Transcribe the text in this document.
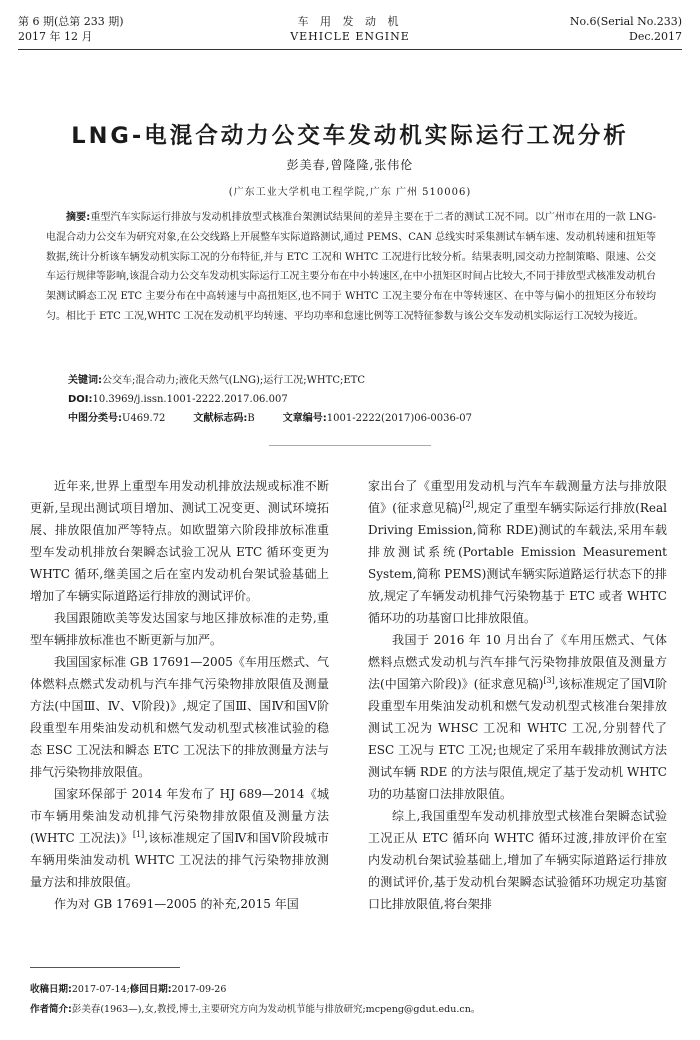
第 6 期(总第 233 期)
2017 年 12 月
车 用 发 动 机
VEHICLE ENGINE
No.6(Serial No.233)
Dec.2017
LNG-电混合动力公交车发动机实际运行工况分析
彭美春,曾隆隆,张伟伦
(广东工业大学机电工程学院,广东 广州 510006)

摘要:重型汽车实际运行排放与发动机排放型式核准台架测试结果间的差异主要在于二者的测试工况不同。以广州市在用的一款 LNG-电混合动力公交车为研究对象,在公交线路上开展整车实际道路测试,通过 PEMS、CAN 总线实时采集测试车辆车速、发动机转速和扭矩等数据,统计分析该车辆发动机实际工况的分布特征,并与 ETC 工况和 WHTC 工况进行比较分析。结果表明,园交动力控制策略、限速、公交车运行规律等影响,该混合动力公交车发动机实际运行工况主要分布在中小转速区,在中小扭矩区时间占比较大,不同于排放型式核准发动机台架测试瞬态工况 ETC 主要分布在中高转速与中高扭矩区,也不同于 WHTC 工况主要分布在中等转速区、在中等与偏小的扭矩区分布较均匀。相比于 ETC 工况,WHTC 工况在发动机平均转速、平均功率和怠速比例等工况特征参数与该公交车发动机实际运行工况较为接近。

关键词:公交车;混合动力;液化天然气(LNG);运行工况;WHTC;ETC
DOI:10.3969/j.issn.1001-2222.2017.06.007
中图分类号:U469.72	文献标志码:B	文章编号:1001-2222(2017)06-0036-07

近年来,世界上重型车用发动机排放法规或标准不断更新,呈现出测试项目增加、测试工况变更、测试环境拓展、排放限值加严等特点。如欧盟第六阶段排放标准重型车发动机排放台架瞬态试验工况从 ETC 循环变更为 WHTC 循环,继美国之后在室内发动机台架试验基础上增加了车辆实际道路运行排放的测试评价。

我国跟随欧美等发达国家与地区排放标准的走势,重型车辆排放标准也不断更新与加严。

我国国家标准 GB 17691—2005《车用压燃式、气体燃料点燃式发动机与汽车排气污染物排放限值及测量方法(中国Ⅲ、Ⅳ、Ⅴ阶段)》,规定了国Ⅲ、国Ⅳ和国Ⅴ阶段重型车用柴油发动机和燃气发动机型式核准试验的稳态 ESC 工况法和瞬态 ETC 工况法下的排放测量方法与排气污染物排放限值。

国家环保部于 2014 年发布了 HJ 689—2014《城市车辆用柴油发动机排气污染物排放限值及测量方法(WHTC 工况法)》[1],该标准规定了国Ⅳ和国Ⅴ阶段城市车辆用柴油发动机 WHTC 工况法的排气污染物排放测量方法和排放限值。

作为对 GB 17691—2005 的补充,2015 年国

家出台了《重型用发动机与汽车车载测量方法与排放限值》(征求意见稿)[2],规定了重型车辆实际运行排放(Real Driving Emission,简称 RDE)测试的车载法,采用车载排放测试系统(Portable Emission Measurement System,简称 PEMS)测试车辆实际道路运行状态下的排放,规定了车辆发动机排气污染物基于 ETC 或者 WHTC 循环功的功基窗口比排放限值。

我国于 2016 年 10 月出台了《车用压燃式、气体燃料点燃式发动机与汽车排气污染物排放限值及测量方法(中国第六阶段)》(征求意见稿)[3],该标准规定了国Ⅵ阶段重型车用柴油发动机和燃气发动机型式核准台架排放测试工况为 WHSC 工况和 WHTC 工况,分别替代了 ESC 工况与 ETC 工况;也规定了采用车载排放测试方法测试车辆 RDE 的方法与限值,规定了基于发动机 WHTC 功的功基窗口法排放限值。

综上,我国重型车发动机排放型式核准台架瞬态试验工况正从 ETC 循环向 WHTC 循环过渡,排放评价在室内发动机台架试验基础上,增加了车辆实际道路运行排放的测试评价,基于发动机台架瞬态试验循环功规定功基窗口比排放限值,将台架排

收稿日期:2017-07-14;修回日期:2017-09-26
作者简介:彭美春(1963—),女,教授,博士,主要研究方向为发动机节能与排放研究;mcpeng@gdut.edu.cn。
